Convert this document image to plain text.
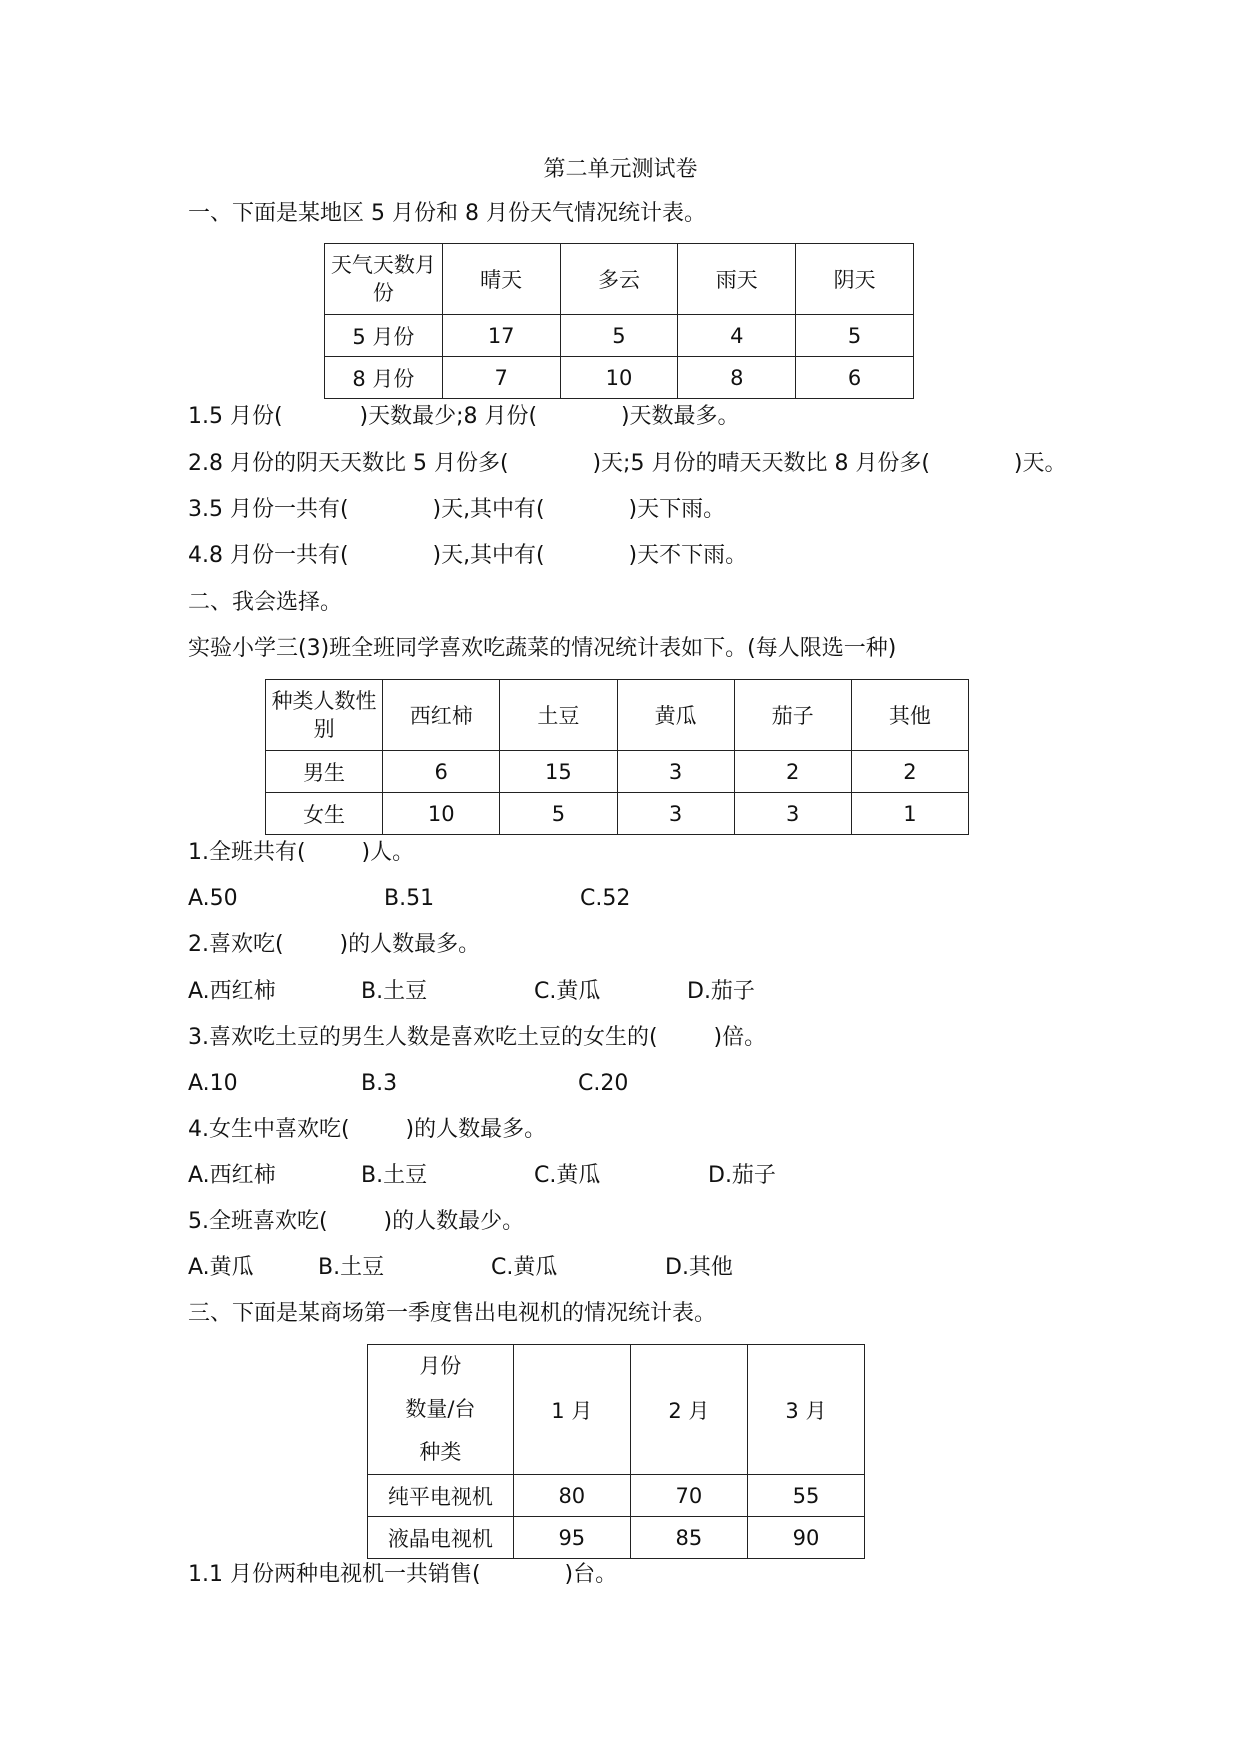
第二单元测试卷
一、下面是某地区 5 月份和 8 月份天气情况统计表。
天气天数月份	晴天	多云	雨天	阴天
5 月份	17	5	4	5
8 月份	7	10	8	6
1.5 月份(           )天数最少;8 月份(            )天数最多。
2.8 月份的阴天天数比 5 月份多(            )天;5 月份的晴天天数比 8 月份多(            )天。
3.5 月份一共有(            )天,其中有(            )天下雨。
4.8 月份一共有(            )天,其中有(            )天不下雨。
二、我会选择。
实验小学三(3)班全班同学喜欢吃蔬菜的情况统计表如下。(每人限选一种)
种类人数性别	西红柿	土豆	黄瓜	茄子	其他
男生	6	15	3	2	2
女生	10	5	3	3	1
1.全班共有(        )人。
A.50	B.51	C.52
2.喜欢吃(        )的人数最多。
A.西红柿	B.土豆	C.黄瓜	D.茄子
3.喜欢吃土豆的男生人数是喜欢吃土豆的女生的(        )倍。
A.10	B.3	C.20
4.女生中喜欢吃(        )的人数最多。
A.西红柿	B.土豆	C.黄瓜	D.茄子
5.全班喜欢吃(        )的人数最少。
A.黄瓜	B.土豆	C.黄瓜	D.其他
三、下面是某商场第一季度售出电视机的情况统计表。
月份
数量/台
种类	1 月	2 月	3 月
纯平电视机	80	70	55
液晶电视机	95	85	90
1.1 月份两种电视机一共销售(            )台。
